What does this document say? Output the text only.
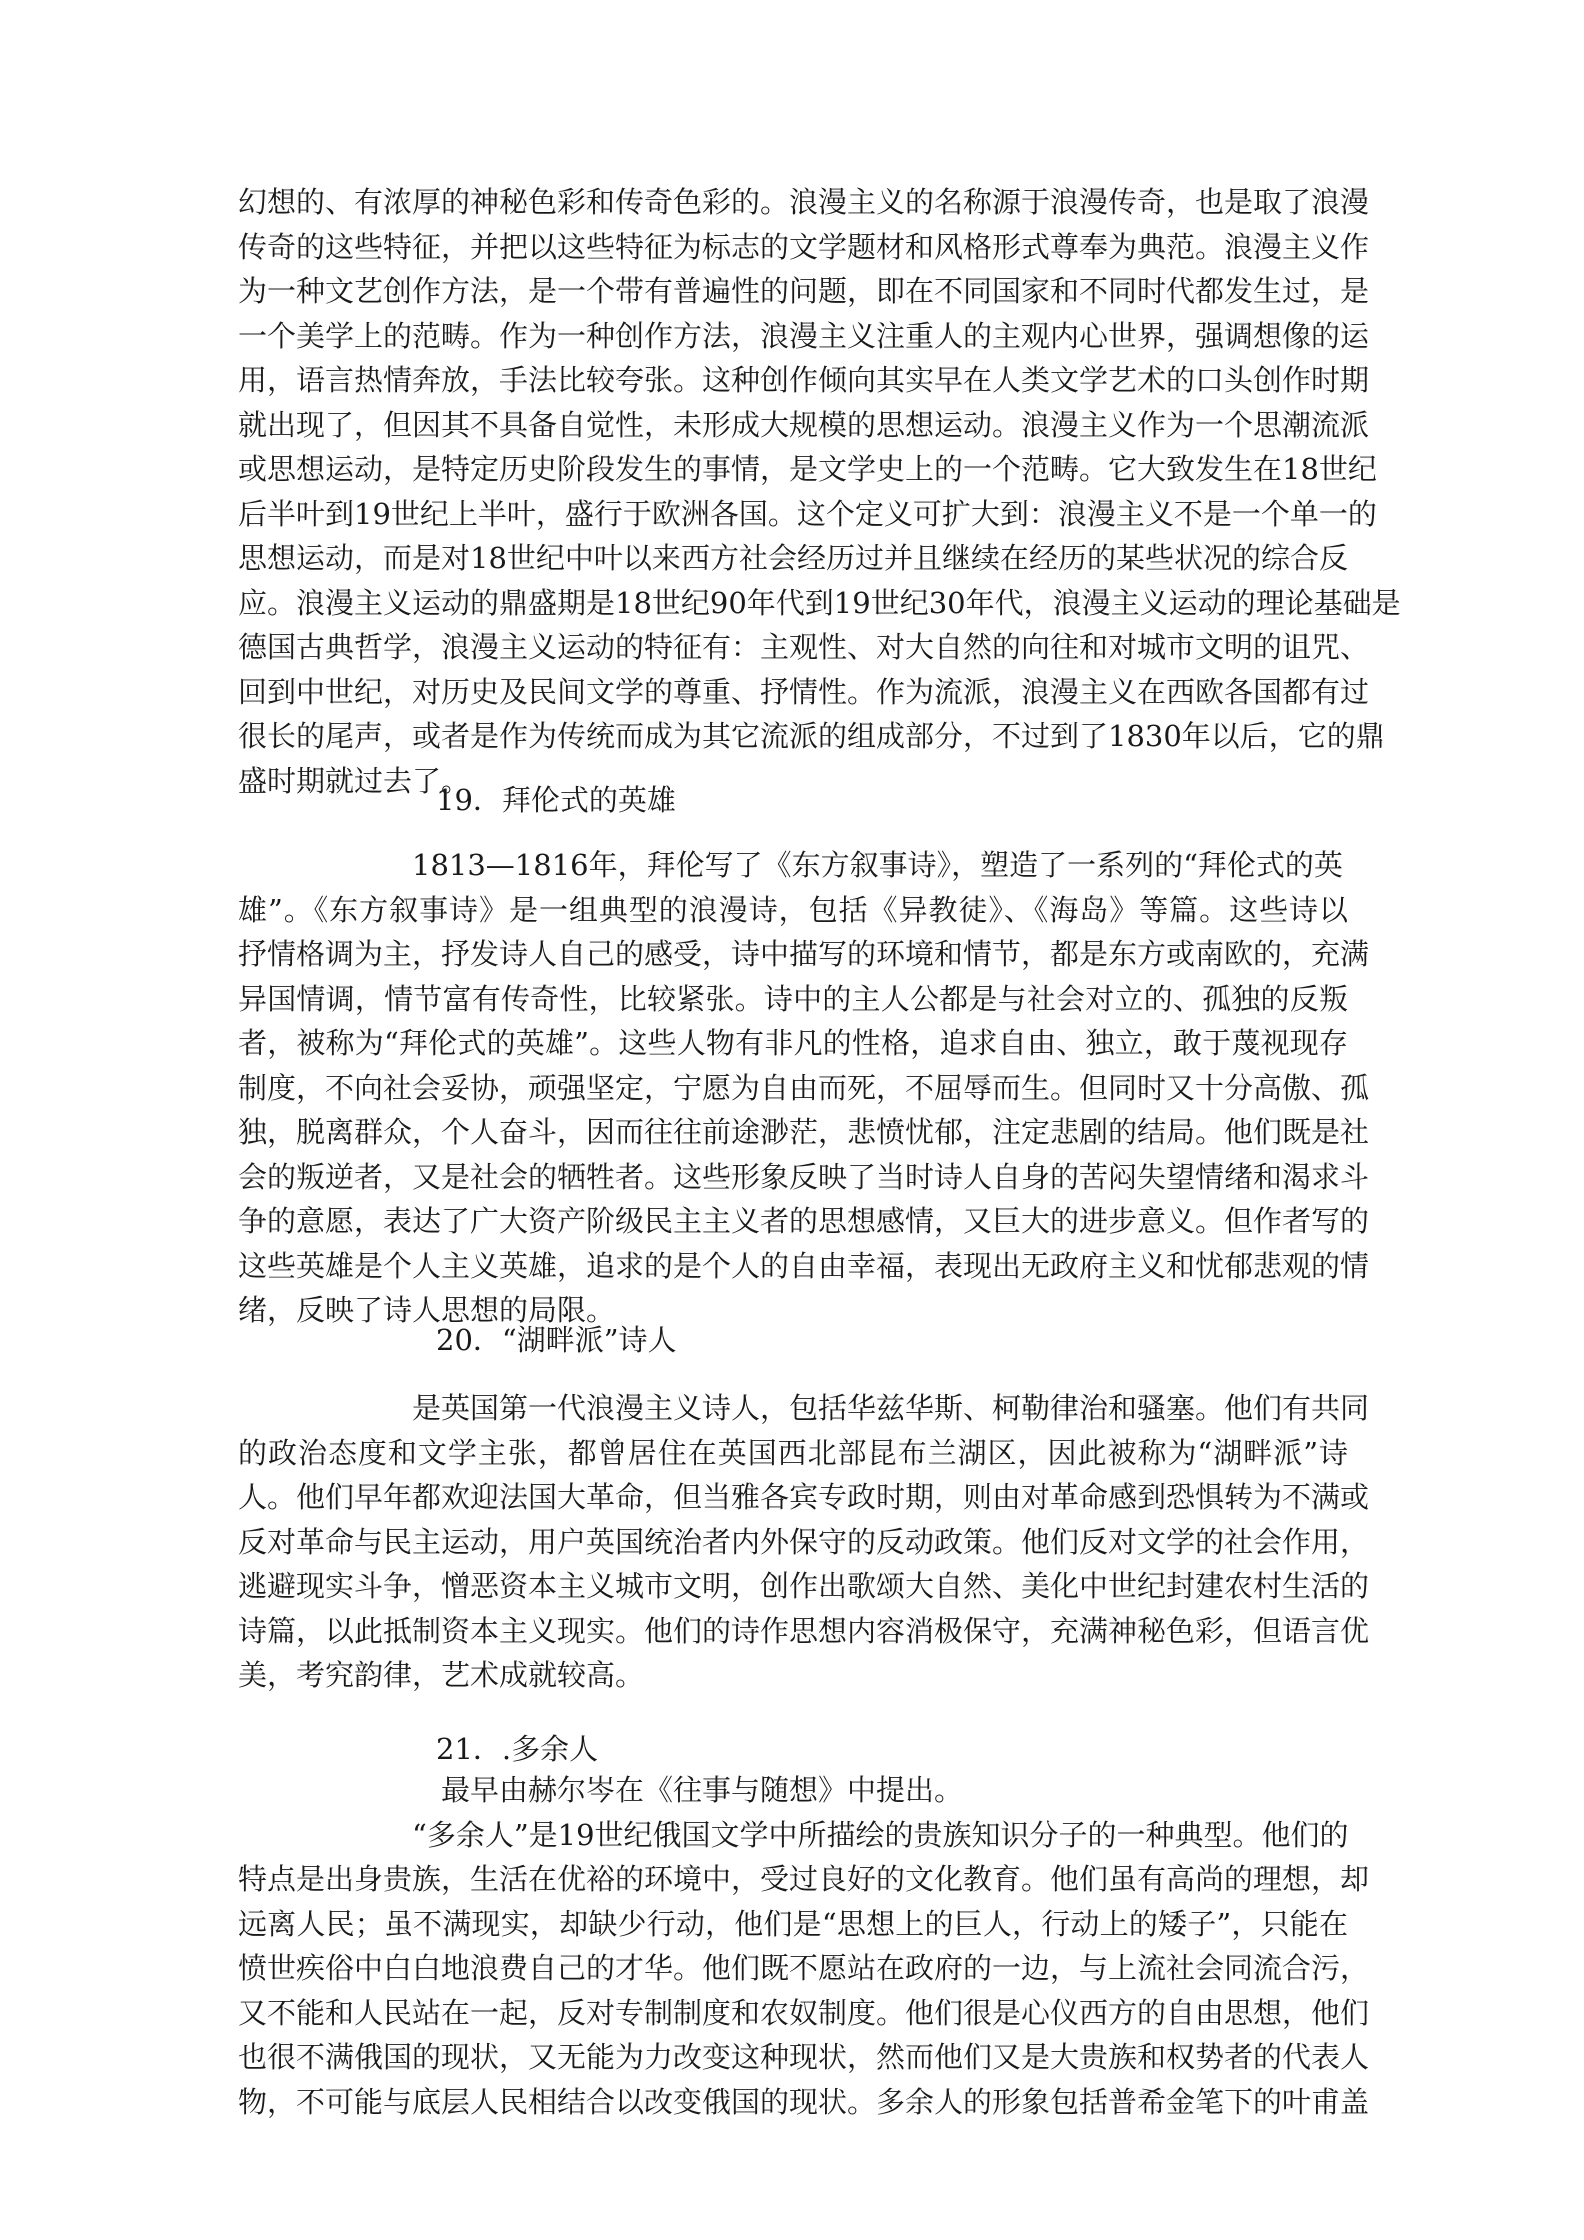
幻想的、有浓厚的神秘色彩和传奇色彩的。浪漫主义的名称源于浪漫传奇，也是取了浪漫
传奇的这些特征，并把以这些特征为标志的文学题材和风格形式尊奉为典范。浪漫主义作
为一种文艺创作方法，是一个带有普遍性的问题，即在不同国家和不同时代都发生过，是
一个美学上的范畴。作为一种创作方法，浪漫主义注重人的主观内心世界，强调想像的运
用，语言热情奔放，手法比较夸张。这种创作倾向其实早在人类文学艺术的口头创作时期
就出现了，但因其不具备自觉性，未形成大规模的思想运动。浪漫主义作为一个思潮流派
或思想运动，是特定历史阶段发生的事情，是文学史上的一个范畴。它大致发生在18世纪
后半叶到19世纪上半叶，盛行于欧洲各国。这个定义可扩大到：浪漫主义不是一个单一的
思想运动，而是对18世纪中叶以来西方社会经历过并且继续在经历的某些状况的综合反
应。浪漫主义运动的鼎盛期是18世纪90年代到19世纪30年代，浪漫主义运动的理论基础是
德国古典哲学，浪漫主义运动的特征有：主观性、对大自然的向往和对城市文明的诅咒、
回到中世纪，对历史及民间文学的尊重、抒情性。作为流派，浪漫主义在西欧各国都有过
很长的尾声，或者是作为传统而成为其它流派的组成部分，不过到了1830年以后，它的鼎
盛时期就过去了。
19．拜伦式的英雄
1813—1816年，拜伦写了《东方叙事诗》，塑造了一系列的“拜伦式的英
雄”。《东方叙事诗》是一组典型的浪漫诗，包括《异教徒》、《海岛》等篇。这些诗以
抒情格调为主，抒发诗人自己的感受，诗中描写的环境和情节，都是东方或南欧的，充满
异国情调，情节富有传奇性，比较紧张。诗中的主人公都是与社会对立的、孤独的反叛
者，被称为“拜伦式的英雄”。这些人物有非凡的性格，追求自由、独立，敢于蔑视现存
制度，不向社会妥协，顽强坚定，宁愿为自由而死，不屈辱而生。但同时又十分高傲、孤
独，脱离群众，个人奋斗，因而往往前途渺茫，悲愤忧郁，注定悲剧的结局。他们既是社
会的叛逆者，又是社会的牺牲者。这些形象反映了当时诗人自身的苦闷失望情绪和渴求斗
争的意愿，表达了广大资产阶级民主主义者的思想感情，又巨大的进步意义。但作者写的
这些英雄是个人主义英雄，追求的是个人的自由幸福，表现出无政府主义和忧郁悲观的情
绪，反映了诗人思想的局限。
20．“湖畔派”诗人
是英国第一代浪漫主义诗人，包括华兹华斯、柯勒律治和骚塞。他们有共同
的政治态度和文学主张，都曾居住在英国西北部昆布兰湖区，因此被称为“湖畔派”诗
人。他们早年都欢迎法国大革命，但当雅各宾专政时期，则由对革命感到恐惧转为不满或
反对革命与民主运动，用户英国统治者内外保守的反动政策。他们反对文学的社会作用，
逃避现实斗争，憎恶资本主义城市文明，创作出歌颂大自然、美化中世纪封建农村生活的
诗篇，以此抵制资本主义现实。他们的诗作思想内容消极保守，充满神秘色彩，但语言优
美，考究韵律，艺术成就较高。
21．.多余人
最早由赫尔岑在《往事与随想》中提出。
“多余人”是19世纪俄国文学中所描绘的贵族知识分子的一种典型。他们的
特点是出身贵族，生活在优裕的环境中，受过良好的文化教育。他们虽有高尚的理想，却
远离人民；虽不满现实，却缺少行动，他们是“思想上的巨人，行动上的矮子”，只能在
愤世疾俗中白白地浪费自己的才华。他们既不愿站在政府的一边，与上流社会同流合污，
又不能和人民站在一起，反对专制制度和农奴制度。他们很是心仪西方的自由思想，他们
也很不满俄国的现状，又无能为力改变这种现状，然而他们又是大贵族和权势者的代表人
物，不可能与底层人民相结合以改变俄国的现状。多余人的形象包括普希金笔下的叶甫盖
